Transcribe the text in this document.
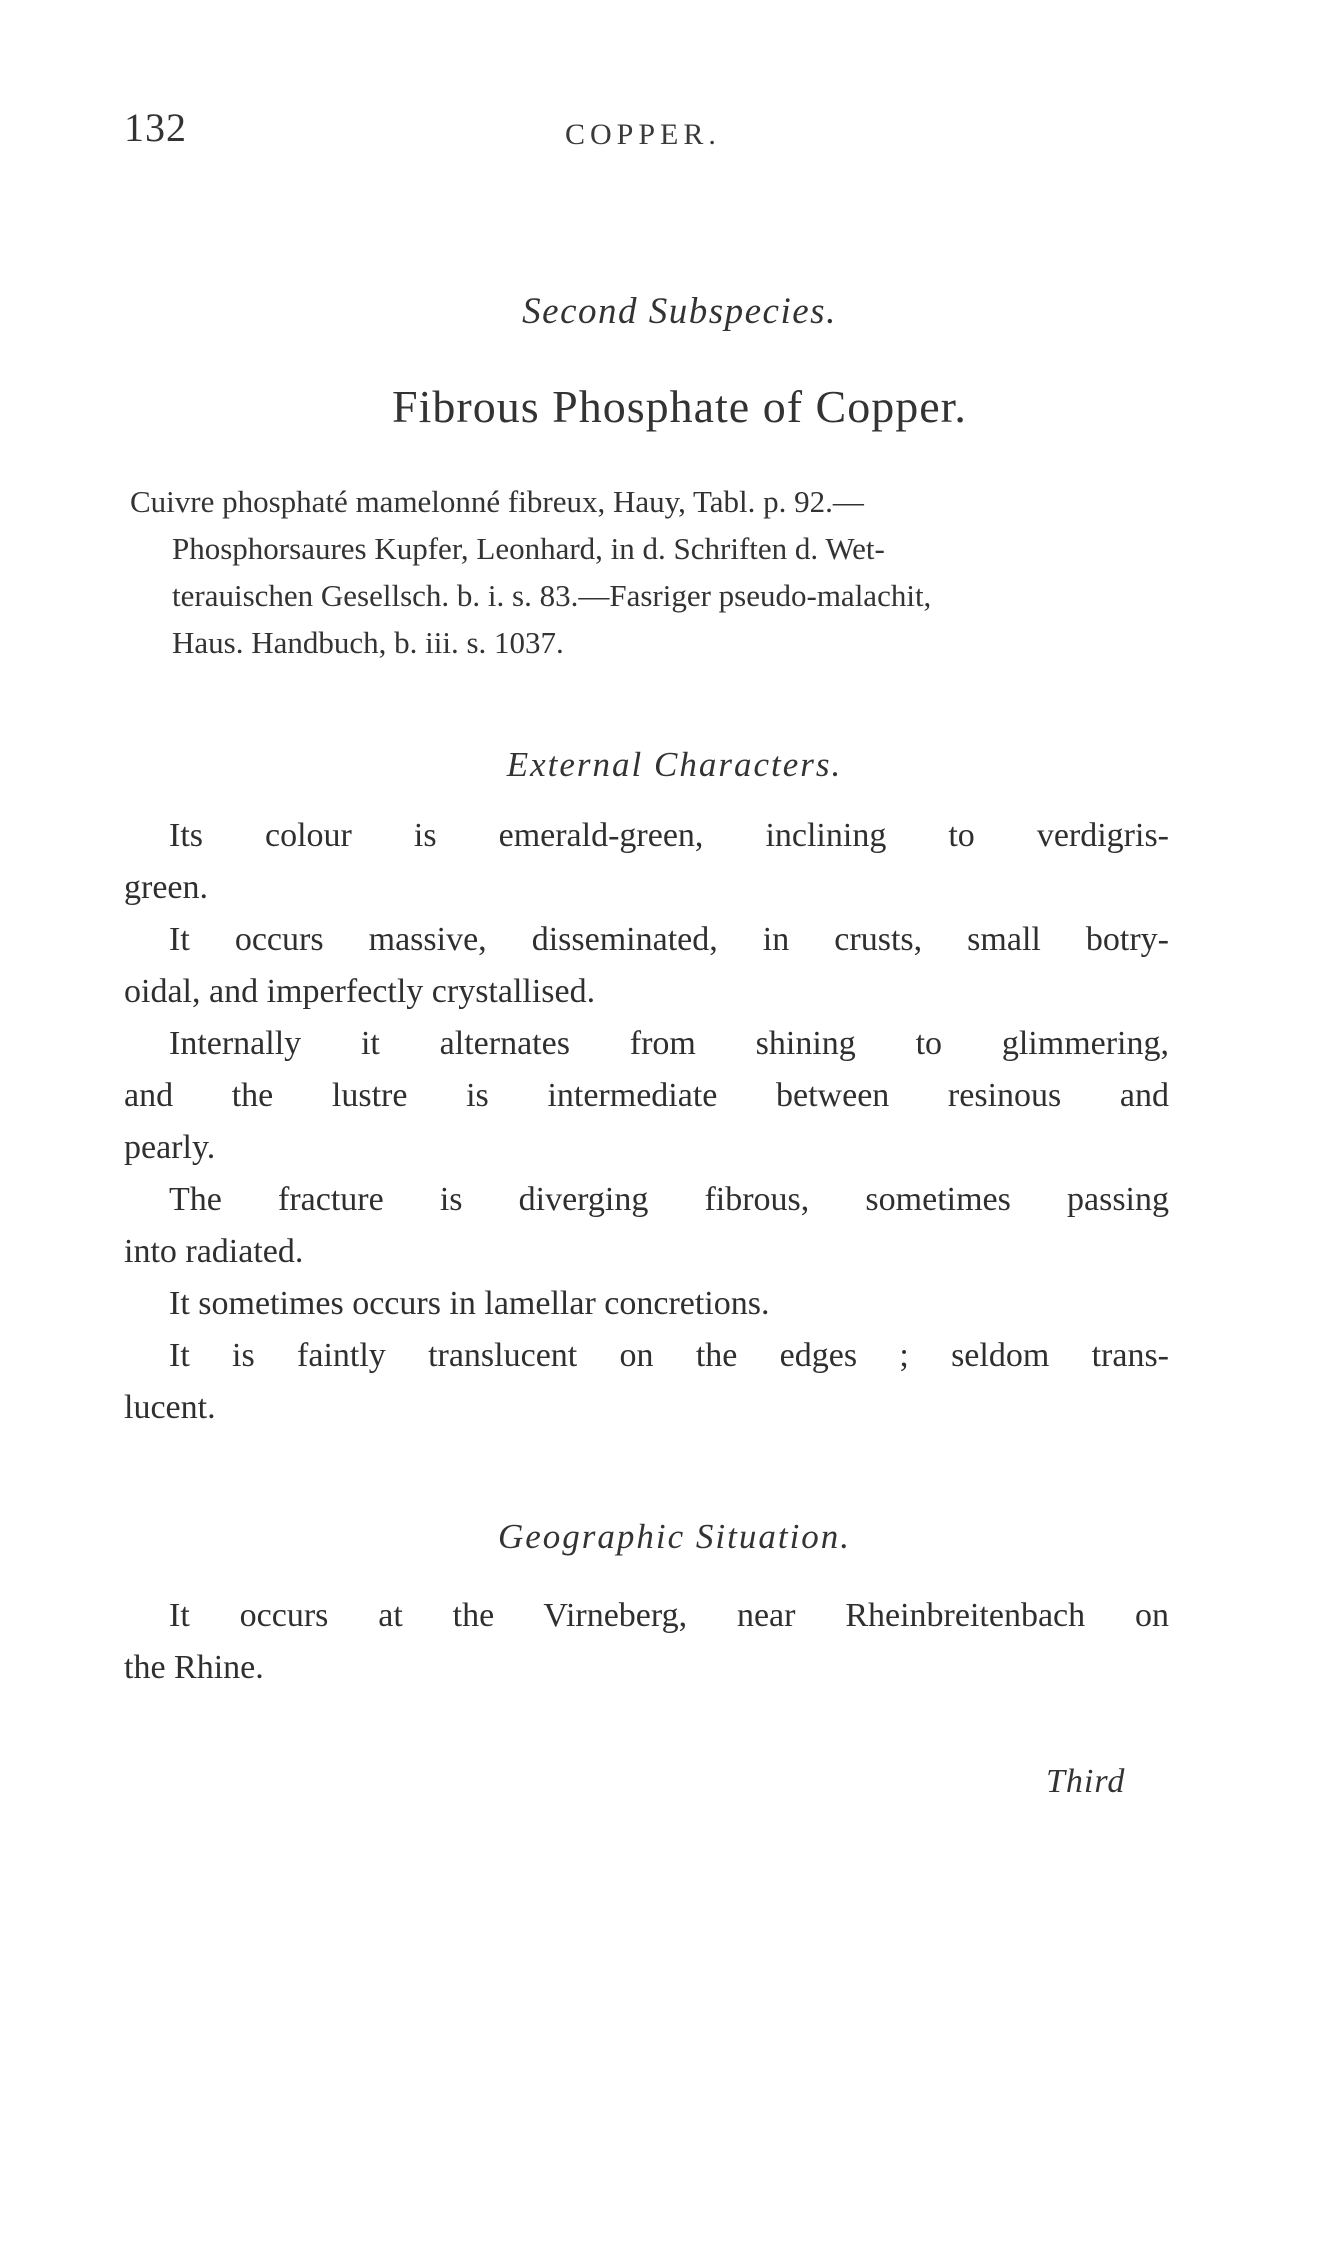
132	COPPER.
Second Subspecies.
Fibrous Phosphate of Copper.
Cuivre phosphaté mamelonné fibreux, Hauy, Tabl. p. 92.—
Phosphorsaures Kupfer, Leonhard, in d. Schriften d. Wet-
terauischen Gesellsch. b. i. s. 83.—Fasriger pseudo-malachit,
Haus. Handbuch, b. iii. s. 1037.
External Characters.

Its colour is emerald-green, inclining to verdigris-
green.

It occurs massive, disseminated, in crusts, small botry-
oidal, and imperfectly crystallised.

Internally it alternates from shining to glimmering,
and the lustre is intermediate between resinous and
pearly.

The fracture is diverging fibrous, sometimes passing
into radiated.

It sometimes occurs in lamellar concretions.

It is faintly translucent on the edges ; seldom trans-
lucent.

Geographic Situation.

It occurs at the Virneberg, near Rheinbreitenbach on
the Rhine.

Third
